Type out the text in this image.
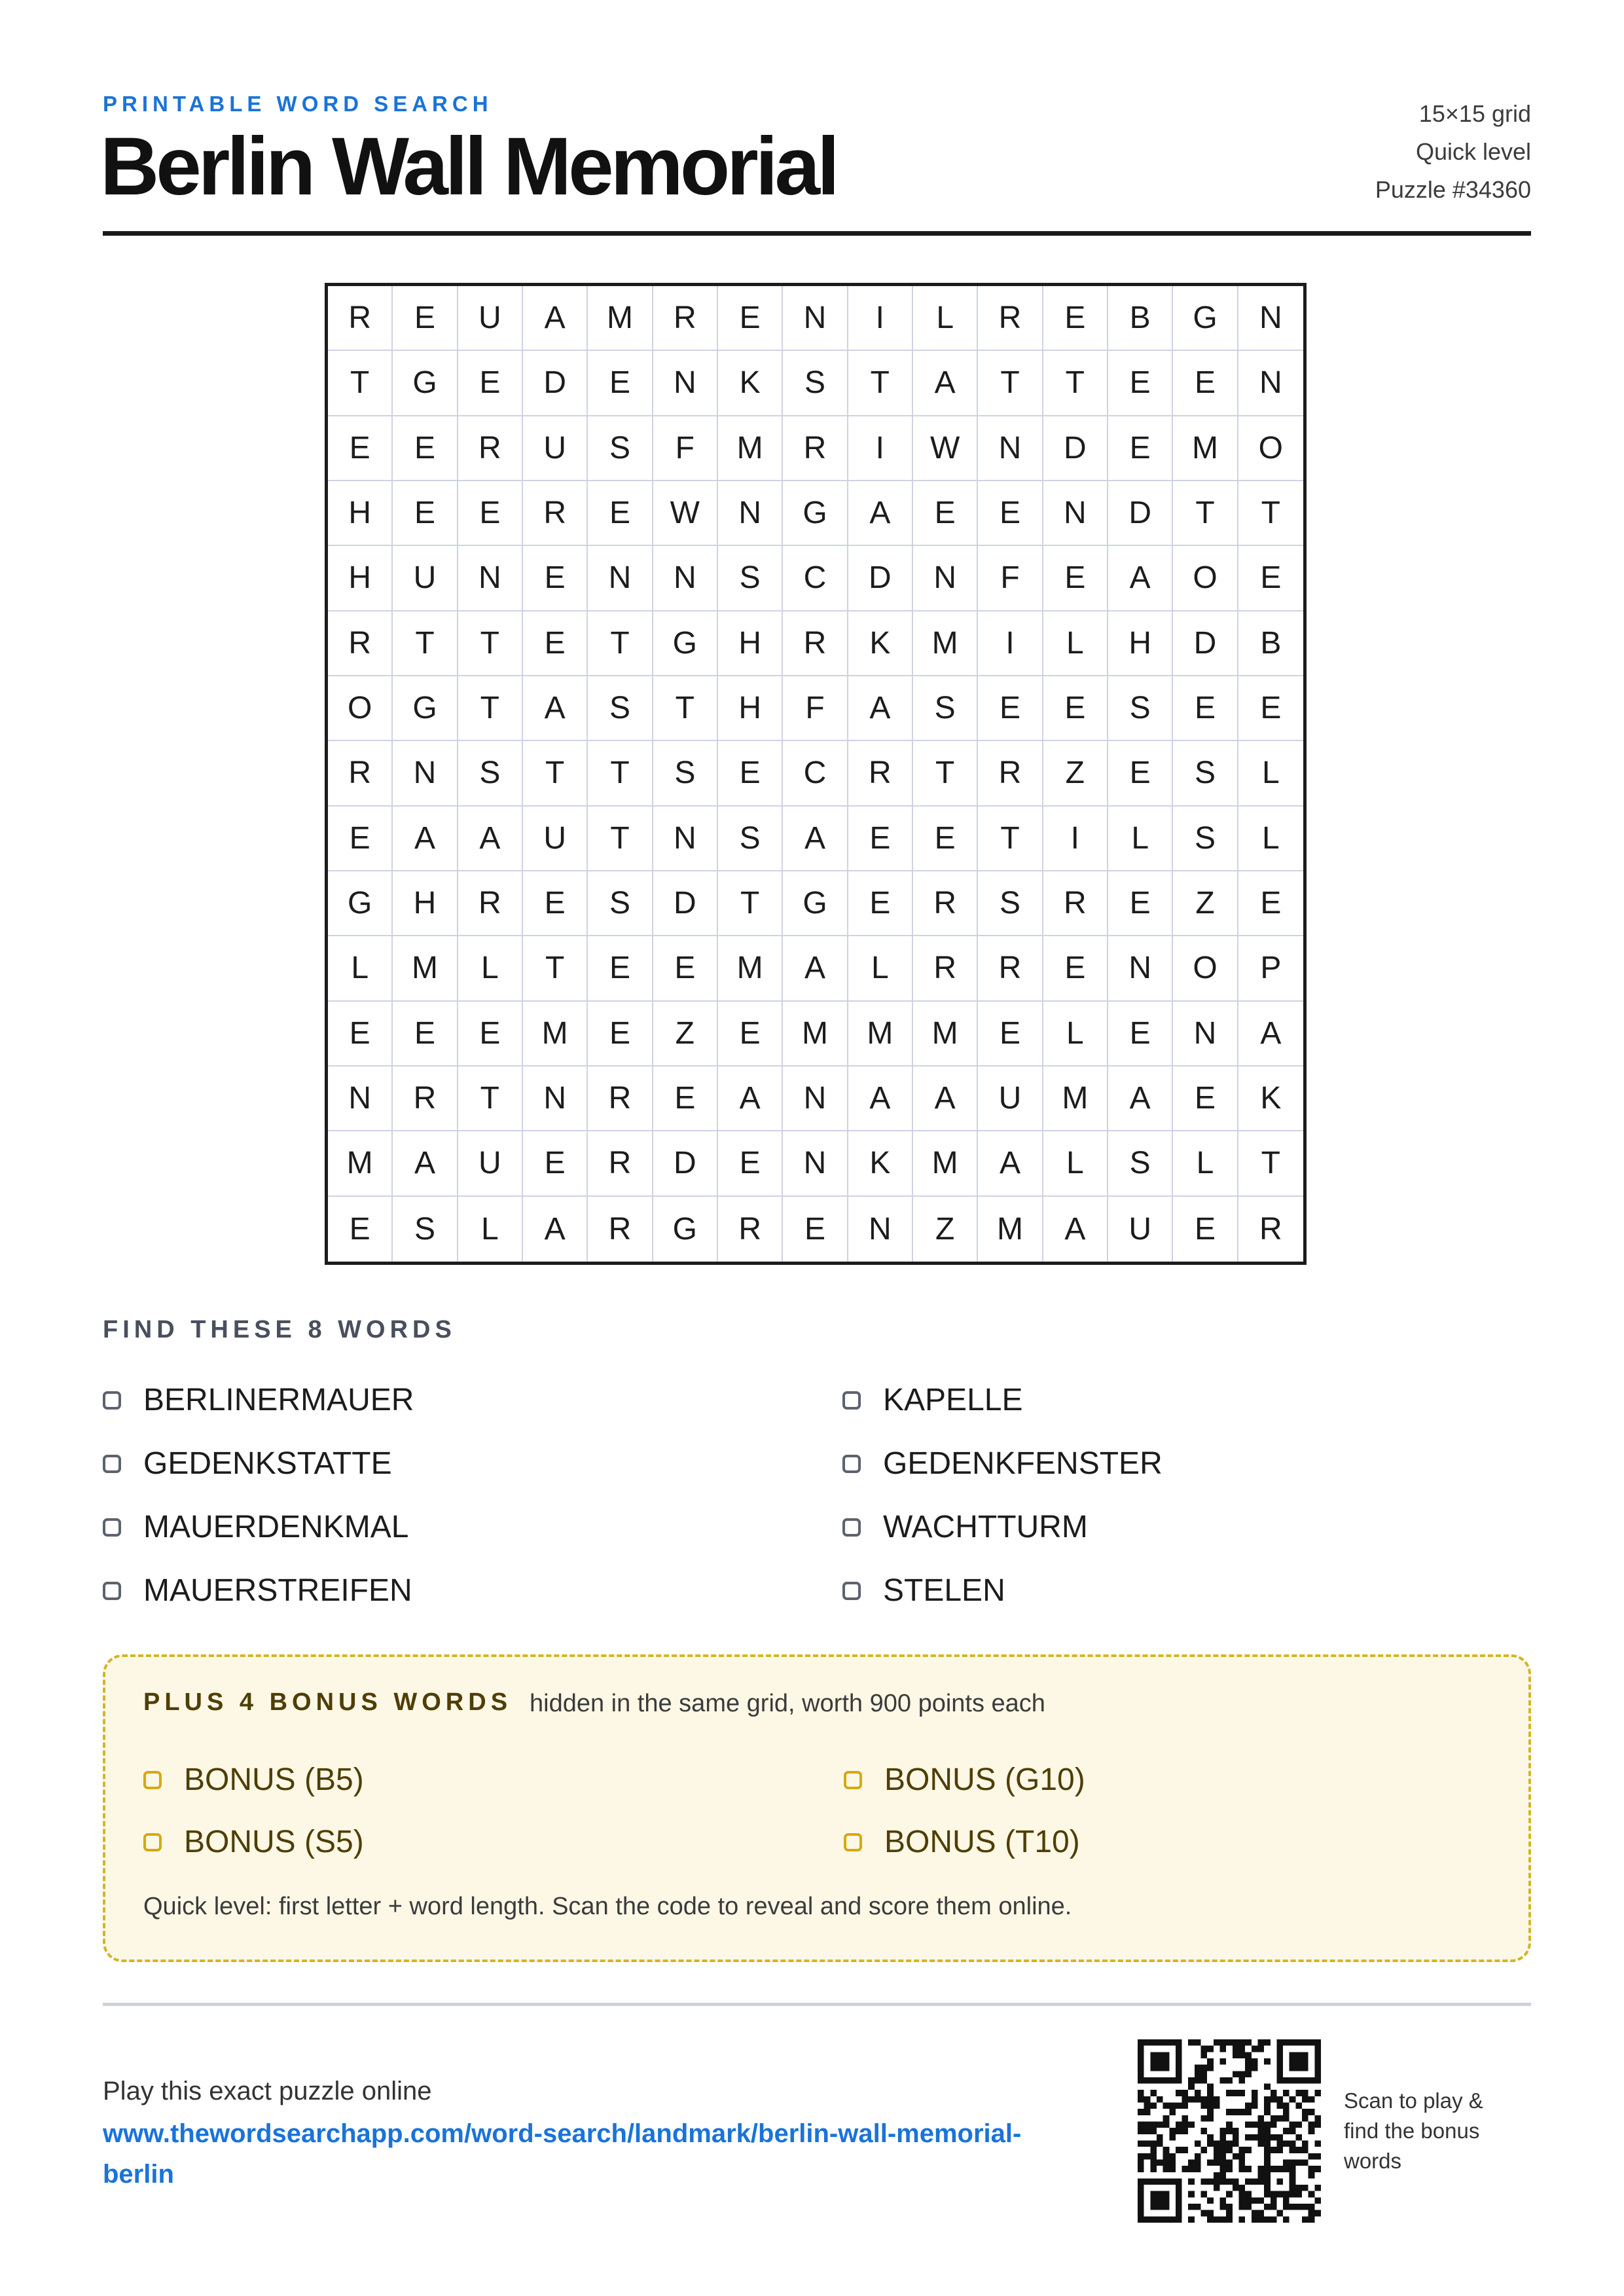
PRINTABLE WORD SEARCH
Berlin Wall Memorial
15×15 grid
Quick level
Puzzle #34360
R	E	U	A	M	R	E	N	I	L	R	E	B	G	N
T	G	E	D	E	N	K	S	T	A	T	T	E	E	N
E	E	R	U	S	F	M	R	I	W	N	D	E	M	O
H	E	E	R	E	W	N	G	A	E	E	N	D	T	T
H	U	N	E	N	N	S	C	D	N	F	E	A	O	E
R	T	T	E	T	G	H	R	K	M	I	L	H	D	B
O	G	T	A	S	T	H	F	A	S	E	E	S	E	E
R	N	S	T	T	S	E	C	R	T	R	Z	E	S	L
E	A	A	U	T	N	S	A	E	E	T	I	L	S	L
G	H	R	E	S	D	T	G	E	R	S	R	E	Z	E
L	M	L	T	E	E	M	A	L	R	R	E	N	O	P
E	E	E	M	E	Z	E	M	M	M	E	L	E	N	A
N	R	T	N	R	E	A	N	A	A	U	M	A	E	K
M	A	U	E	R	D	E	N	K	M	A	L	S	L	T
E	S	L	A	R	G	R	E	N	Z	M	A	U	E	R
FIND THESE 8 WORDS
BERLINERMAUER	KAPELLE
GEDENKSTATTE	GEDENKFENSTER
MAUERDENKMAL	WACHTTURM
MAUERSTREIFEN	STELEN
PLUS 4 BONUS WORDS hidden in the same grid, worth 900 points each
BONUS (B5)	BONUS (G10)
BONUS (S5)	BONUS (T10)
Quick level: first letter + word length. Scan the code to reveal and score them online.
Play this exact puzzle online
www.thewordsearchapp.com/word-search/landmark/berlin-wall-memorial-berlin
Scan to play & find the bonus words
